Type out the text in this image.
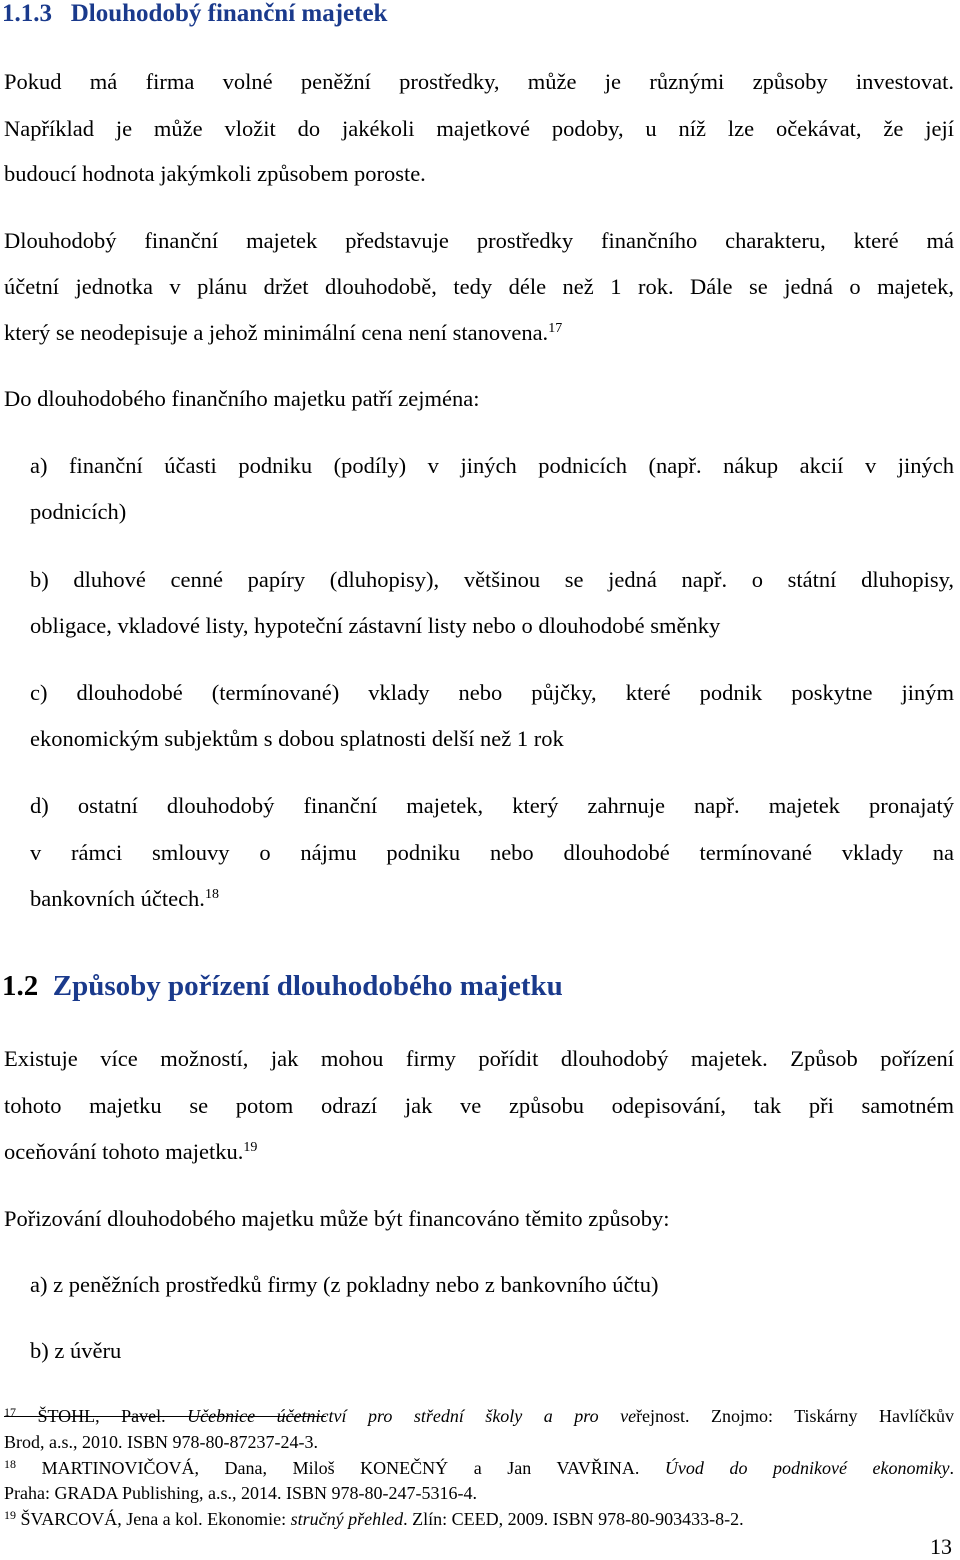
1.1.3 Dlouhodobý finanční majetek
Pokud má firma volné peněžní prostředky, může je různými způsoby investovat.
Například je může vložit do jakékoli majetkové podoby, u níž lze očekávat, že její
budoucí hodnota jakýmkoli způsobem poroste.
Dlouhodobý finanční majetek představuje prostředky finančního charakteru, které má
účetní jednotka v plánu držet dlouhodobě, tedy déle než 1 rok. Dále se jedná o majetek,
který se neodepisuje a jehož minimální cena není stanovena.$^{17}$
Do dlouhodobého finančního majetku patří zejména:
a) finanční účasti podniku (podíly) v jiných podnicích (např. nákup akcií v jiných
podnicích)
b) dluhové cenné papíry (dluhopisy), většinou se jedná např. o státní dluhopisy,
obligace, vkladové listy, hypoteční zástavní listy nebo o dlouhodobé směnky
c) dlouhodobé (termínované) vklady nebo půjčky, které podnik poskytne jiným
ekonomickým subjektům s dobou splatnosti delší než 1 rok
d) ostatní dlouhodobý finanční majetek, který zahrnuje např. majetek pronajatý
v rámci smlouvy o nájmu podniku nebo dlouhodobé termínované vklady na
bankovních účtech.$^{18}$
1.2 Způsoby pořízení dlouhodobého majetku
Existuje více možností, jak mohou firmy pořídit dlouhodobý majetek. Způsob pořízení
tohoto majetku se potom odrazí jak ve způsobu odepisování, tak při samotném
oceňování tohoto majetku.$^{19}$
Pořizování dlouhodobého majetku může být financováno těmito způsoby:
a) z peněžních prostředků firmy (z pokladny nebo z bankovního účtu)
b) z úvěru
$^{17}$ ŠTOHL, Pavel. Učebnice účetnictví pro střední školy a pro veřejnost. Znojmo: Tiskárny Havlíčkův
Brod, a.s., 2010. ISBN 978-80-87237-24-3.
$^{18}$ MARTINOVIČOVÁ, Dana, Miloš KONEČNÝ a Jan VAVŘINA. Úvod do podnikové ekonomiky.
Praha: GRADA Publishing, a.s., 2014. ISBN 978-80-247-5316-4.
$^{19}$ ŠVARCOVÁ, Jena a kol. Ekonomie: stručný přehled. Zlín: CEED, 2009. ISBN 978-80-903433-8-2.
13
